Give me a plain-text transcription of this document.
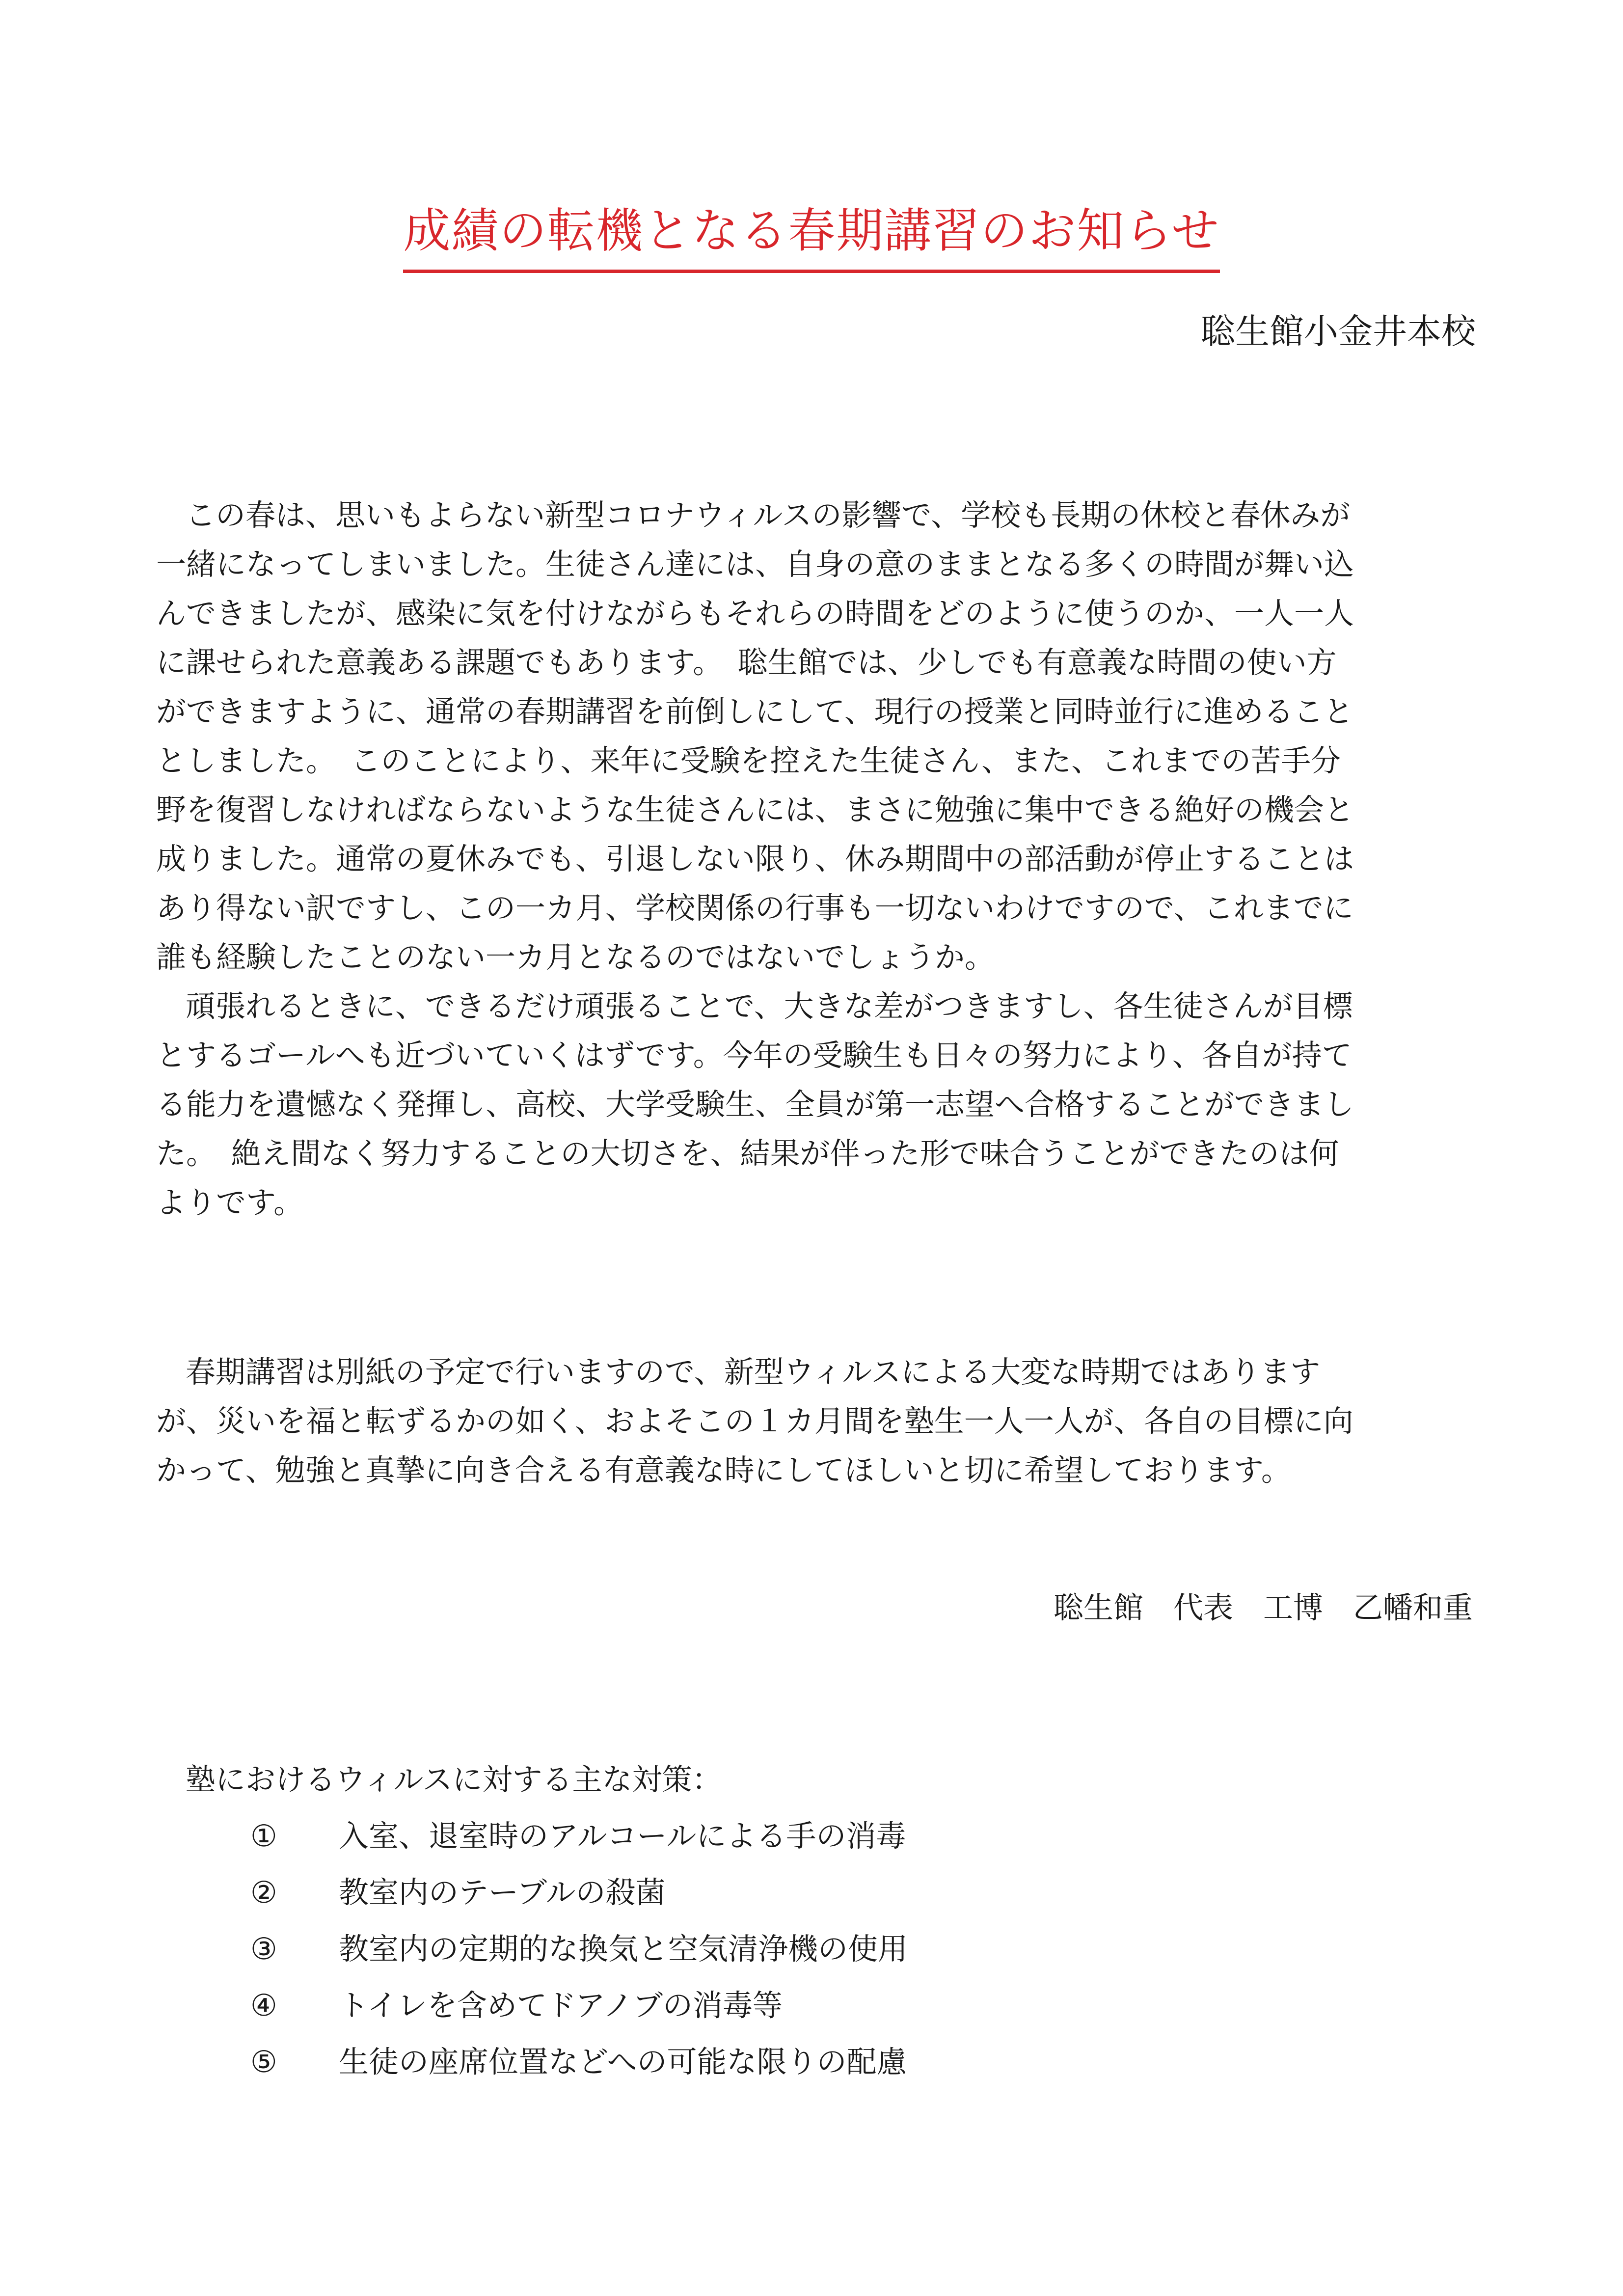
成績の転機となる春期講習のお知らせ
聡生館小金井本校
この春は、思いもよらない新型コロナウィルスの影響で、学校も長期の休校と春休みが
一緒になってしまいました。生徒さん達には、自身の意のままとなる多くの時間が舞い込
んできましたが、感染に気を付けながらもそれらの時間をどのように使うのか、一人一人
に課せられた意義ある課題でもあります。　聡生館では、少しでも有意義な時間の使い方
ができますように、通常の春期講習を前倒しにして、現行の授業と同時並行に進めること
としました。　このことにより、来年に受験を控えた生徒さん、また、これまでの苦手分
野を復習しなければならないような生徒さんには、まさに勉強に集中できる絶好の機会と
成りました。通常の夏休みでも、引退しない限り、休み期間中の部活動が停止することは
あり得ない訳ですし、この一カ月、学校関係の行事も一切ないわけですので、これまでに
誰も経験したことのない一カ月となるのではないでしょうか。
頑張れるときに、できるだけ頑張ることで、大きな差がつきますし、各生徒さんが目標
とするゴールへも近づいていくはずです。今年の受験生も日々の努力により、各自が持て
る能力を遺憾なく発揮し、高校、大学受験生、全員が第一志望へ合格することができまし
た。　絶え間なく努力することの大切さを、結果が伴った形で味合うことができたのは何
よりです。
春期講習は別紙の予定で行いますので、新型ウィルスによる大変な時期ではあります
が、災いを福と転ずるかの如く、およそこの１カ月間を塾生一人一人が、各自の目標に向
かって、勉強と真摯に向き合える有意義な時にしてほしいと切に希望しております。
聡生館　代表　工博　乙幡和重
塾におけるウィルスに対する主な対策：
① 入室、退室時のアルコールによる手の消毒
② 教室内のテーブルの殺菌
③ 教室内の定期的な換気と空気清浄機の使用
④ トイレを含めてドアノブの消毒等
⑤ 生徒の座席位置などへの可能な限りの配慮
